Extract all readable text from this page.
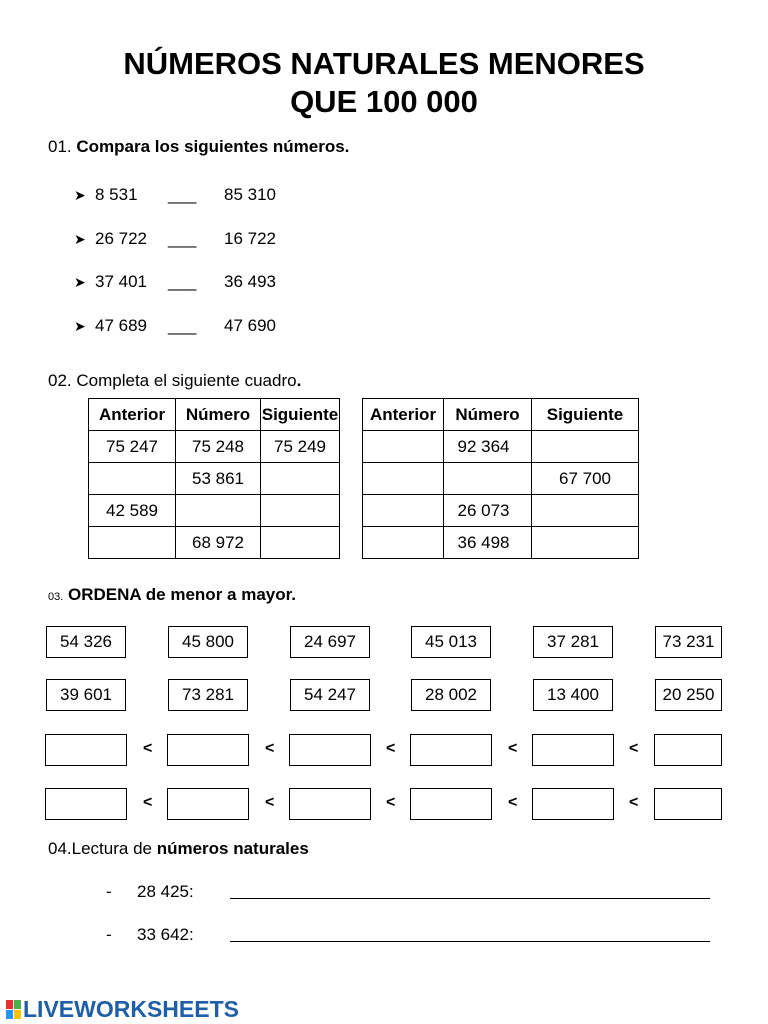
NÚMEROS NATURALES MENORES
QUE 100 000
01. Compara los siguientes números.
➤ 8 531 ___ 85 310
➤ 26 722 ___ 16 722
➤ 37 401 ___ 36 493
➤ 47 689 ___ 47 690
02. Completa el siguiente cuadro.
Anterior	Número	Siguiente
75 247	75 248	75 249
	53 861	
42 589		
	68 972	
Anterior	Número	Siguiente
	92 364	
		67 700
	26 073	
	36 498	
03. ORDENA de menor a mayor.
54 326	45 800	24 697	45 013	37 281	73 231
39 601	73 281	54 247	28 002	13 400	20 250
<	<	<	<	<
<	<	<	<	<
04.Lectura de números naturales
- 28 425:
- 33 642:
LIVEWORKSHEETS
